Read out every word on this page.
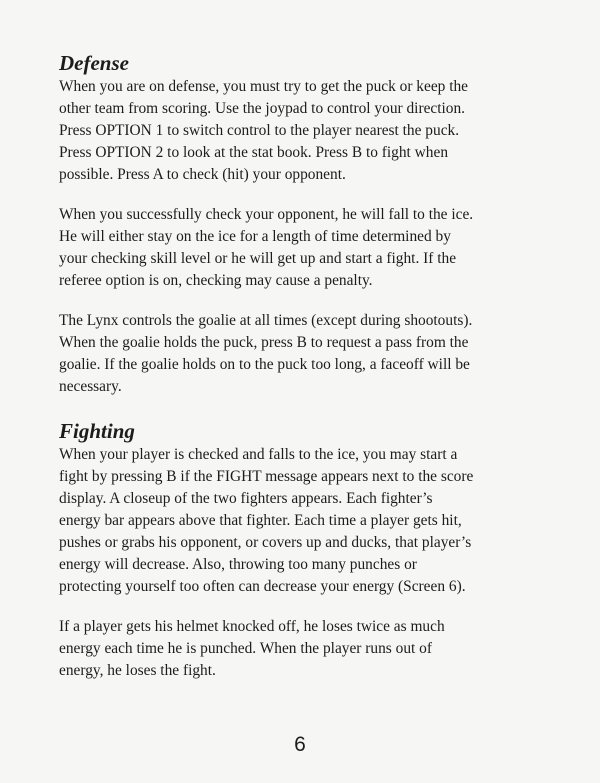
Defense

When you are on defense, you must try to get the puck or keep the
other team from scoring. Use the joypad to control your direction.
Press OPTION 1 to switch control to the player nearest the puck.
Press OPTION 2 to look at the stat book. Press B to fight when
possible. Press A to check (hit) your opponent.

When you successfully check your opponent, he will fall to the ice.
He will either stay on the ice for a length of time determined by
your checking skill level or he will get up and start a fight. If the
referee option is on, checking may cause a penalty.

The Lynx controls the goalie at all times (except during shootouts).
When the goalie holds the puck, press B to request a pass from the
goalie. If the goalie holds on to the puck too long, a faceoff will be
necessary.

Fighting

When your player is checked and falls to the ice, you may start a
fight by pressing B if the FIGHT message appears next to the score
display. A closeup of the two fighters appears. Each fighter’s
energy bar appears above that fighter. Each time a player gets hit,
pushes or grabs his opponent, or covers up and ducks, that player’s
energy will decrease. Also, throwing too many punches or
protecting yourself too often can decrease your energy (Screen 6).

If a player gets his helmet knocked off, he loses twice as much
energy each time he is punched. When the player runs out of
energy, he loses the fight.

6
